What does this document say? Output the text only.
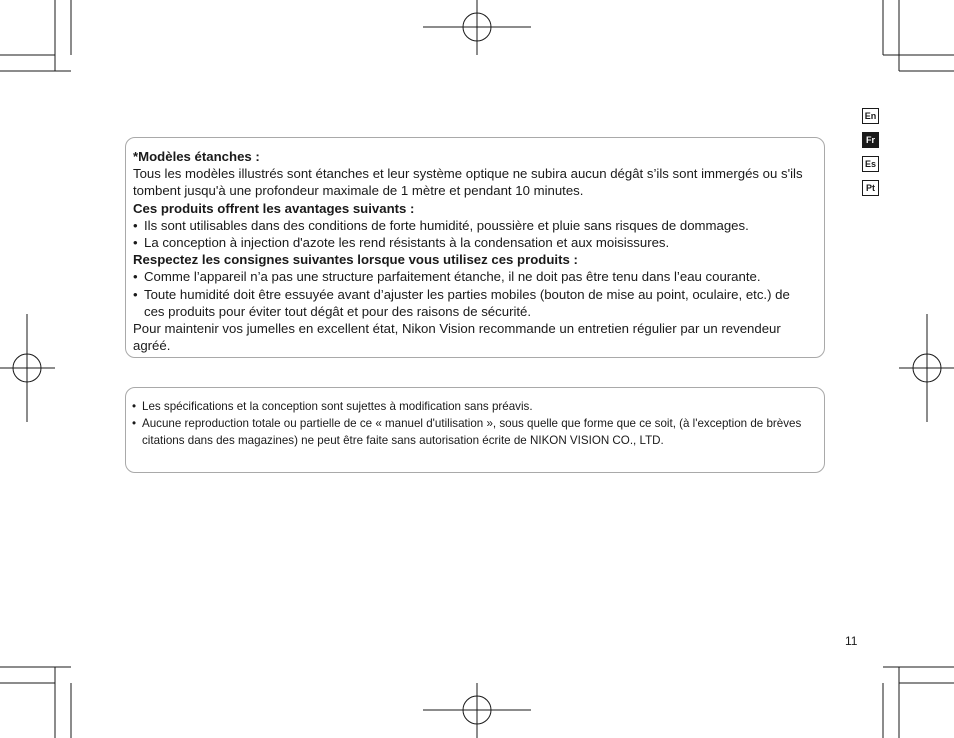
En
Fr
Es
Pt

*Modèles étanches :

Tous les modèles illustrés sont étanches et leur système optique ne subira aucun dégât s’ils sont immergés ou s'ils tombent jusqu'à une profondeur maximale de 1 mètre et pendant 10 minutes.

Ces produits offrent les avantages suivants :

• Ils sont utilisables dans des conditions de forte humidité, poussière et pluie sans risques de dommages.
• La conception à injection d'azote les rend résistants à la condensation et aux moisissures.

Respectez les consignes suivantes lorsque vous utilisez ces produits :

• Comme l’appareil n’a pas une structure parfaitement étanche, il ne doit pas être tenu dans l’eau courante.
• Toute humidité doit être essuyée avant d’ajuster les parties mobiles (bouton de mise au point, oculaire, etc.) de ces produits pour éviter tout dégât et pour des raisons de sécurité.

Pour maintenir vos jumelles en excellent état, Nikon Vision recommande un entretien régulier par un revendeur agréé.

• Les spécifications et la conception sont sujettes à modification sans préavis.
• Aucune reproduction totale ou partielle de ce « manuel d'utilisation », sous quelle que forme que ce soit, (à l'exception de brèves citations dans des magazines) ne peut être faite sans autorisation écrite de NIKON VISION CO., LTD.
11
